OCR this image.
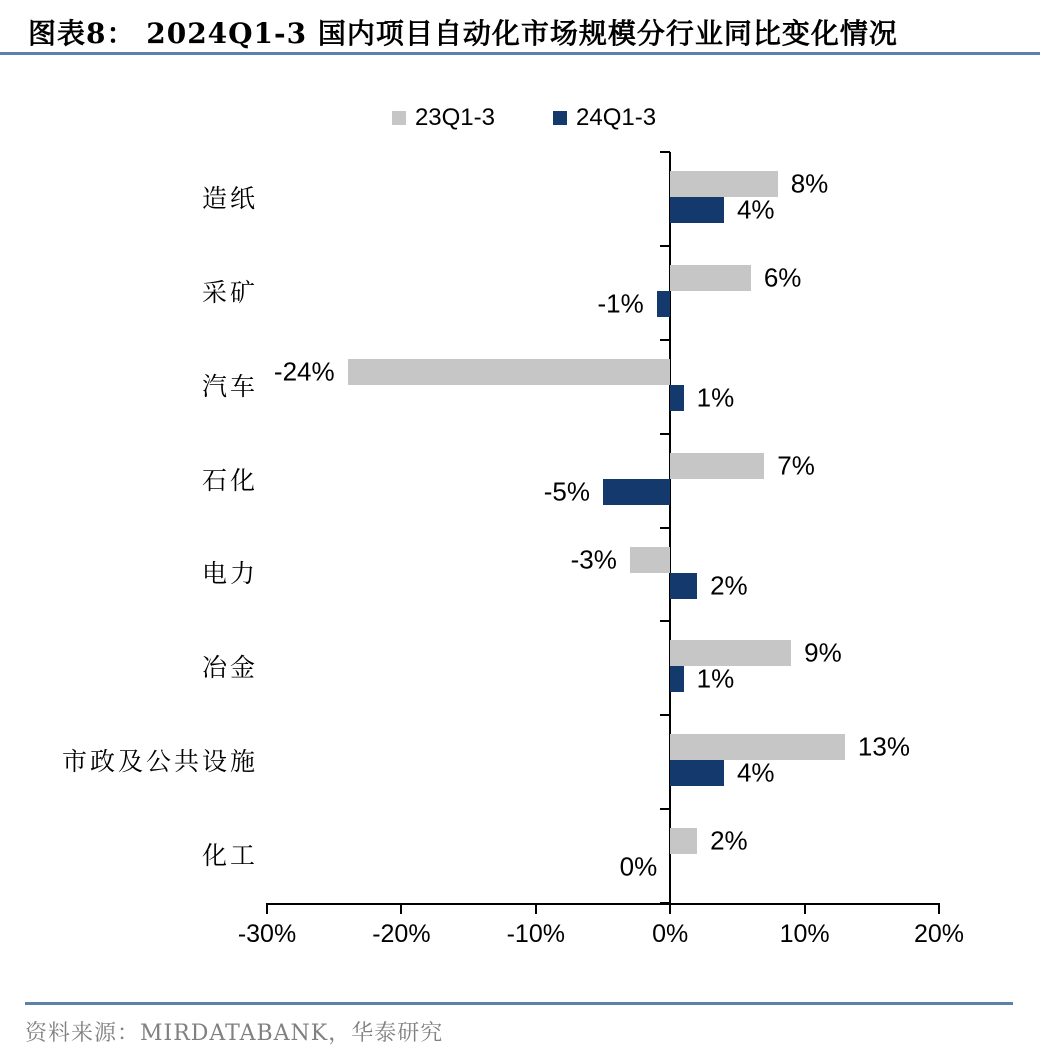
图表8： 2024Q1-3 国内项目自动化市场规模分行业同比变化情况
23Q1-3	24Q1-3
-30%	-20%	-10%	0%	10%	20%
造纸	8%
4%
采矿	6%
-1%
汽车 -24%
1%
石化	7%
-5%
电力	-3%
2%
冶金	9%
1%
市政及公共设施	13%
4%
化工	2%
0%
资料来源：MIRDATABANK，华泰研究
